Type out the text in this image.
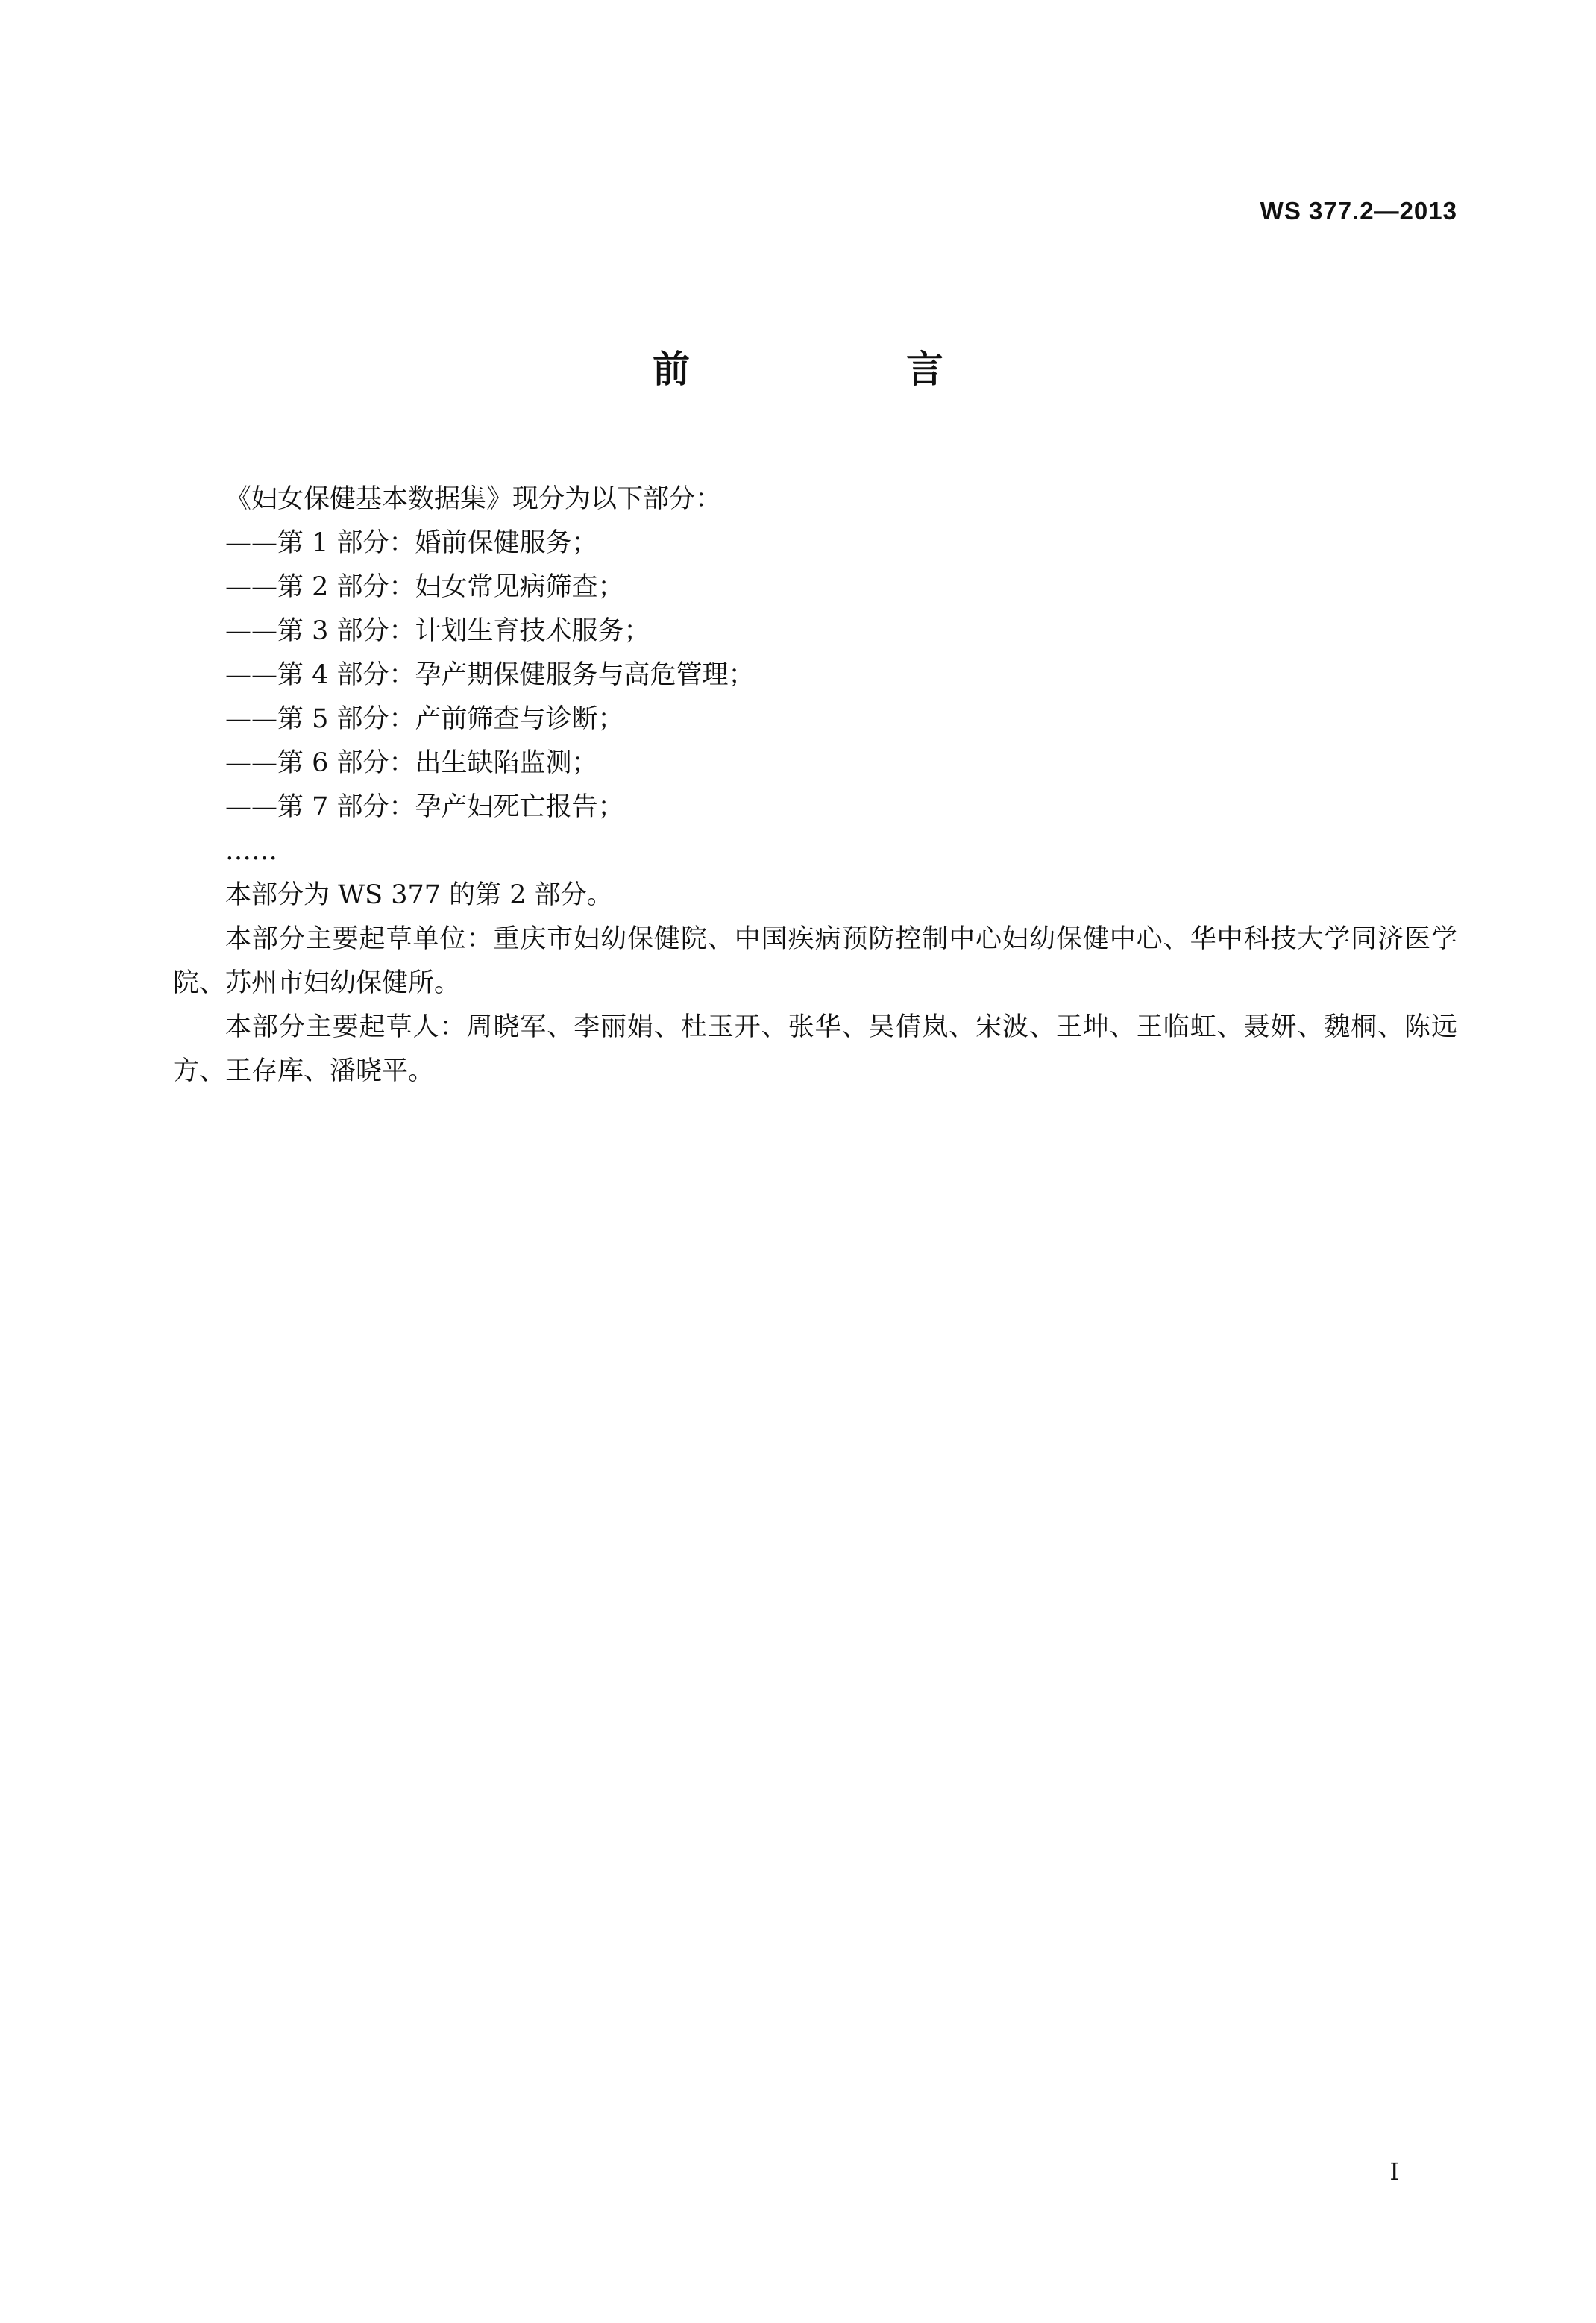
WS 377.2—2013
前　言

《妇女保健基本数据集》现分为以下部分：

——第 1 部分：婚前保健服务；

——第 2 部分：妇女常见病筛查；

——第 3 部分：计划生育技术服务；

——第 4 部分：孕产期保健服务与高危管理；

——第 5 部分：产前筛查与诊断；

——第 6 部分：出生缺陷监测；

——第 7 部分：孕产妇死亡报告；

……

本部分为 WS 377 的第 2 部分。

本部分主要起草单位：重庆市妇幼保健院、中国疾病预防控制中心妇幼保健中心、华中科技大学同济医学院、苏州市妇幼保健所。

本部分主要起草人：周晓军、李丽娟、杜玉开、张华、吴倩岚、宋波、王坤、王临虹、聂妍、魏桐、陈远方、王存库、潘晓平。

I
